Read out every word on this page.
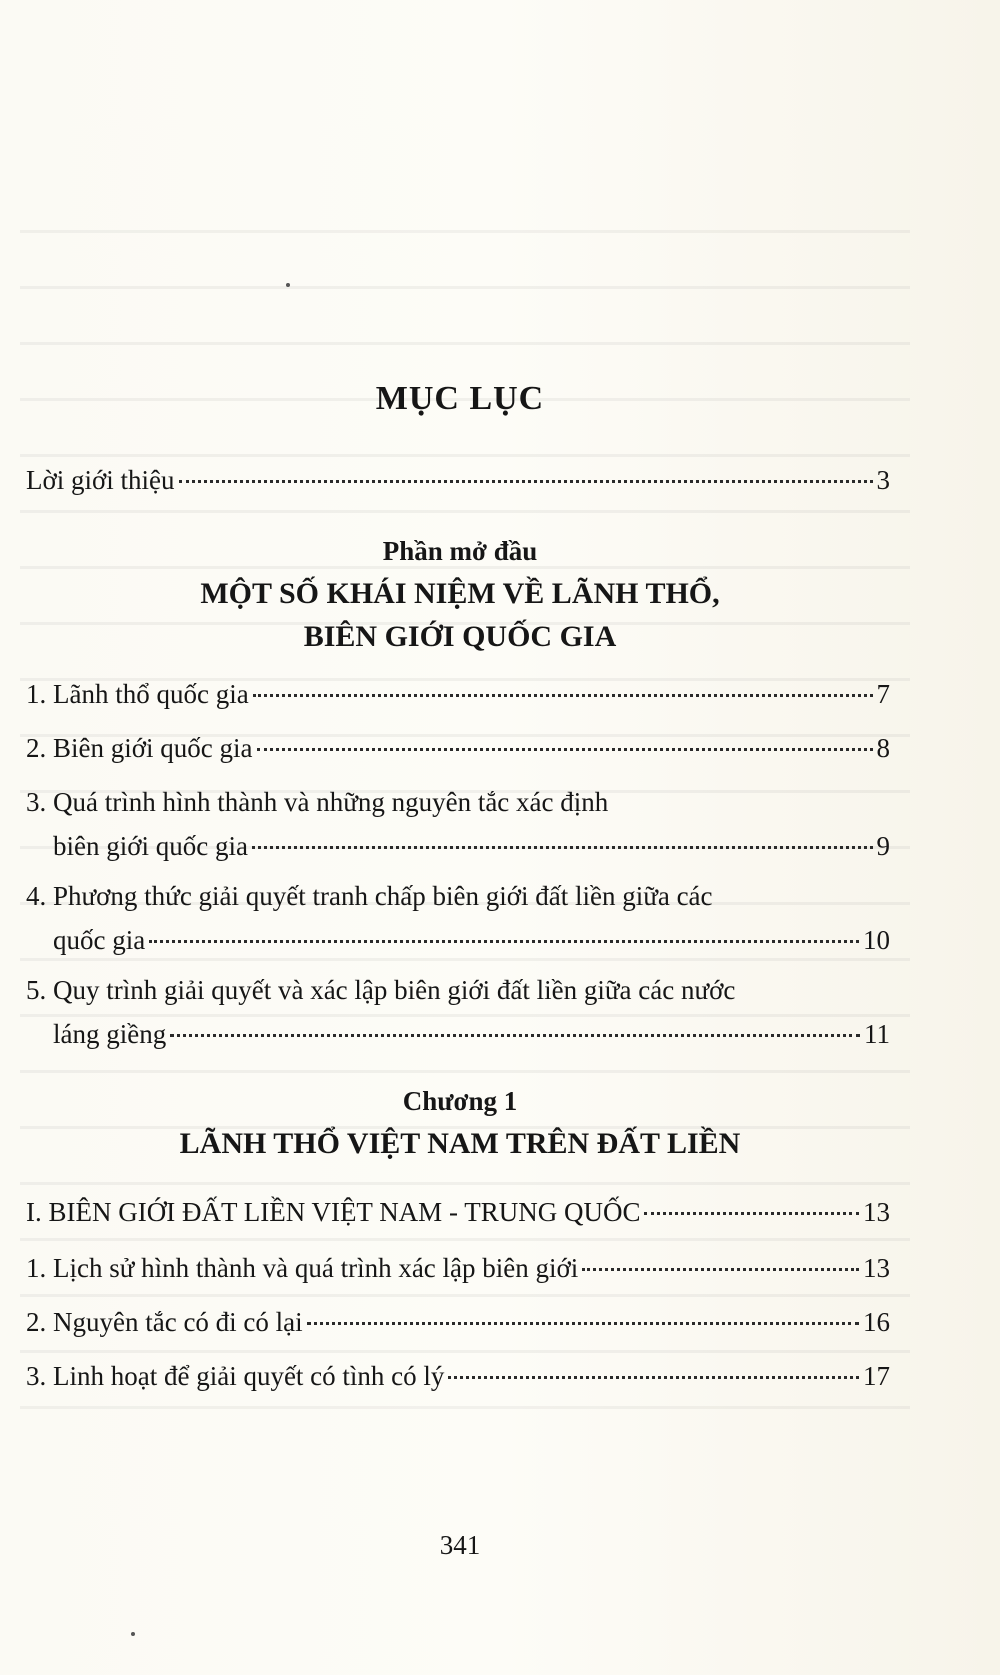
MỤC LỤC
Lời giới thiệu	3
Phần mở đầu
MỘT SỐ KHÁI NIỆM VỀ LÃNH THỔ,
BIÊN GIỚI QUỐC GIA
1. Lãnh thổ quốc gia	7
2. Biên giới quốc gia	8
3. Quá trình hình thành và những nguyên tắc xác định
biên giới quốc gia	9
4. Phương thức giải quyết tranh chấp biên giới đất liền giữa các
quốc gia	10
5. Quy trình giải quyết và xác lập biên giới đất liền giữa các nước
láng giềng	11
Chương 1
LÃNH THỔ VIỆT NAM TRÊN ĐẤT LIỀN
I. BIÊN GIỚI ĐẤT LIỀN VIỆT NAM - TRUNG QUỐC	13
1. Lịch sử hình thành và quá trình xác lập biên giới	13
2. Nguyên tắc có đi có lại	16
3. Linh hoạt để giải quyết có tình có lý	17
341
